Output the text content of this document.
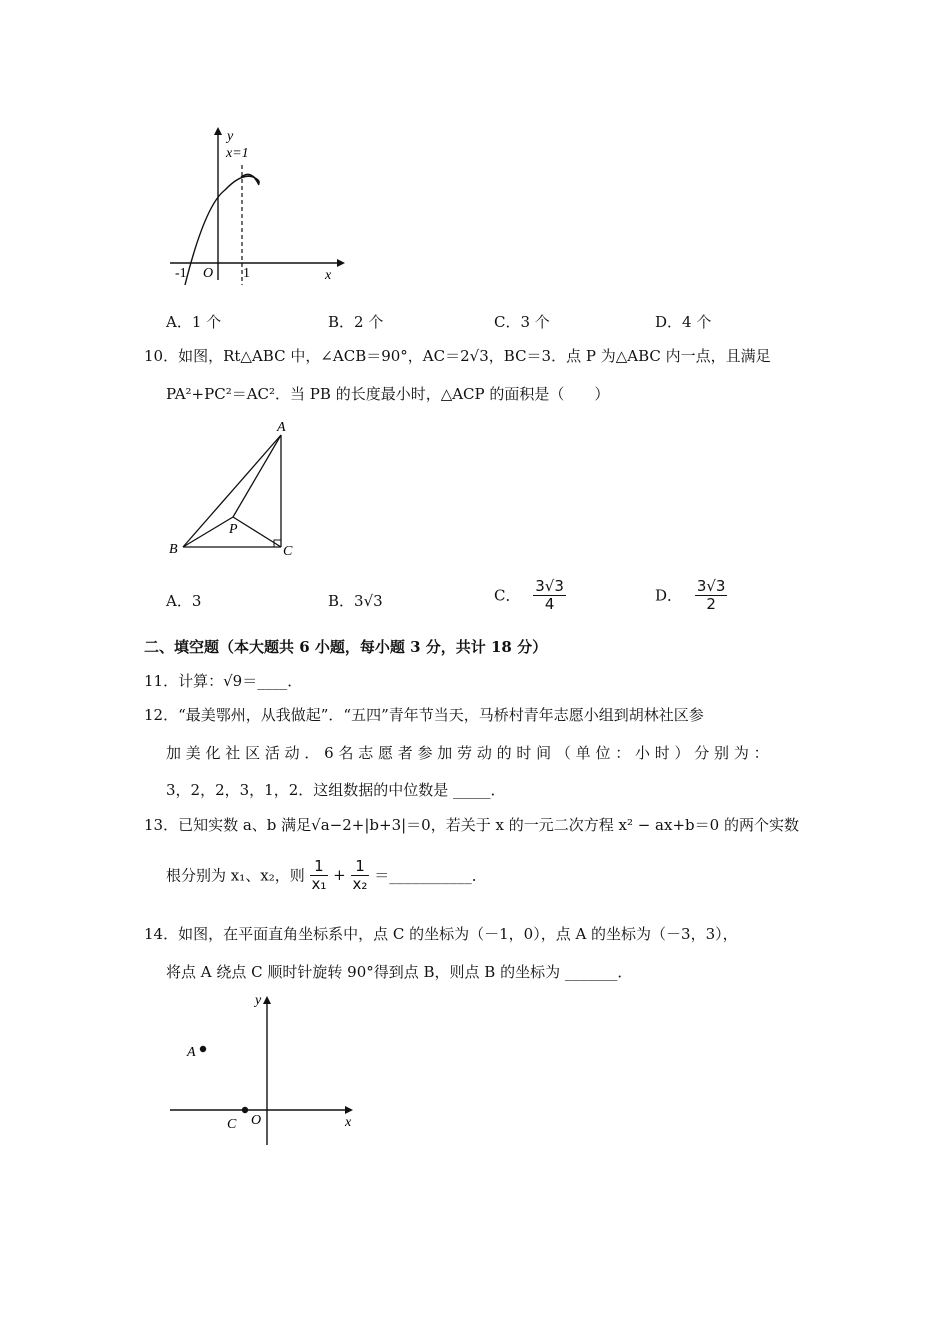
y
x=1
x
O
-1	1
A．1 个	B．2 个	C．3 个	D．4 个
10．如图，Rt△ABC 中，∠ACB＝90°，AC＝2√3，BC＝3．点 P 为△ABC 内一点，且满足
PA²+PC²＝AC²．当 PB 的长度最小时，△ACP 的面积是（　　）
A
B	C
P
A．3	B．3√3	C． $\frac{3√3}{4}$	D． $\frac{3√3}{2}$
二、填空题（本大题共 6 小题，每小题 3 分，共计 18 分）
11．计算：√9＝____．
12．“最美鄂州，从我做起”．“五四”青年节当天，马桥村青年志愿小组到胡林社区参
加 美 化 社 区 活 动 ． 6 名 志 愿 者 参 加 劳 动 的 时 间 （ 单 位 ： 小 时 ） 分 别 为 ：
3，2，2，3，1，2．这组数据的中位数是 _____．
13．已知实数 a、b 满足√a−2+|b+3|＝0，若关于 x 的一元二次方程 x² − ax+b＝0 的两个实数
根分别为 x₁、x₂，则 $\frac{1}{\text{x₁}} + \frac{1}{\text{x₂}}$ ＝___________．
14．如图，在平面直角坐标系中，点 C 的坐标为（－1，0），点 A 的坐标为（－3，3），
将点 A 绕点 C 顺时针旋转 90°得到点 B，则点 B 的坐标为 _______．
y
x
A
C O
